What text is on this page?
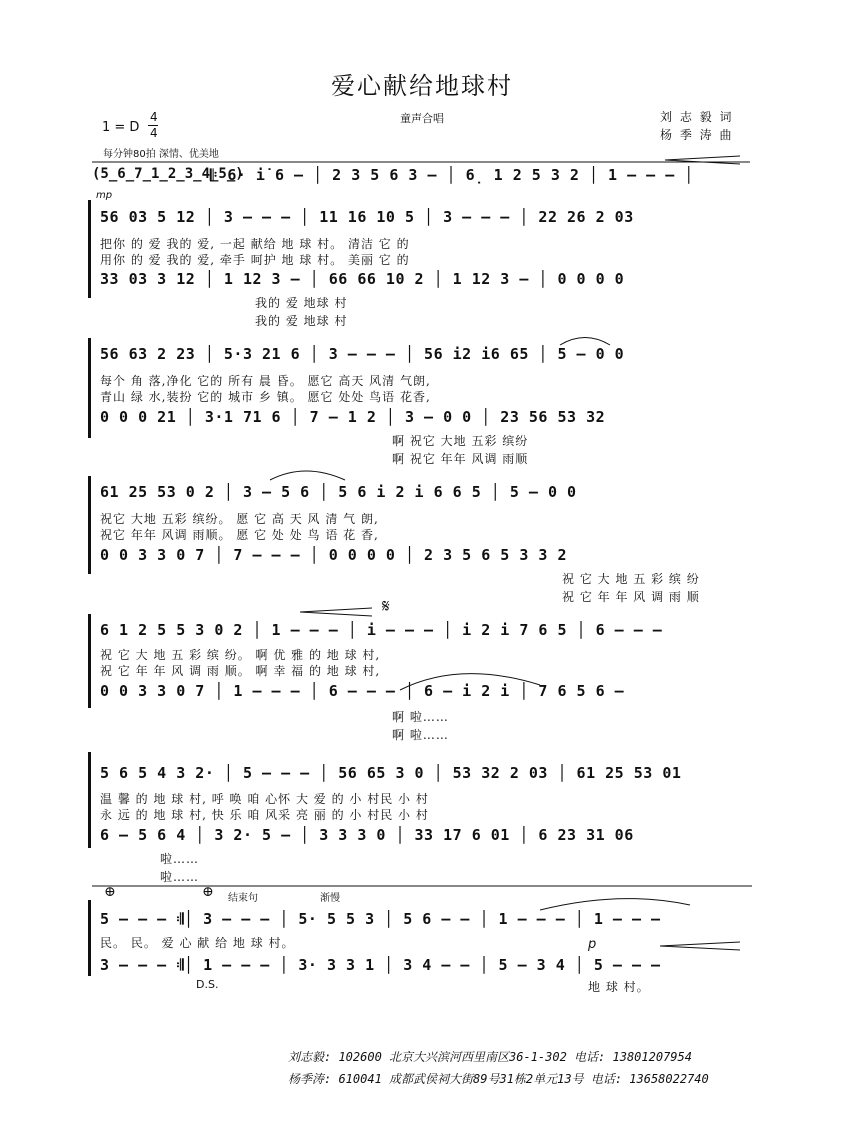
爱心献给地球村
童声合唱	刘 志 毅 词
杨 季 涛 曲
1 = D
4
4
每分钟80拍 深情、优美地
(5̲6̲7̲1̲2̲3̲4̲5̲)
𝄆 6· i̇ 6 – │ 2 3 5 6 3 – │ 6̣ 1 2 5 3 2 │ 1 – – – │
mp
56 03 5 12 │ 3 – – – │ 11 16 10 5 │ 3 – – – │ 22 26 2 03
把你 的 爱 我的 爱, 一起 献给 地 球 村。 清洁 它 的
用你 的 爱 我的 爱, 牵手 呵护 地 球 村。 美丽 它 的
33 03 3 12 │ 1 12 3 – │ 66 66 10 2 │ 1 12 3 – │ 0 0 0 0
我的 爱 地球 村
我的 爱 地球 村
56 63 2 23 │ 5·3 21 6 │ 3 – – – │ 56 i2 i6 65 │ 5 – 0 0
每个 角 落,净化 它的 所有 晨 昏。 愿它 高天 风清 气朗,
青山 绿 水,装扮 它的 城市 乡 镇。 愿它 处处 鸟语 花香,
0 0 0 21 │ 3·1 71 6 │ 7 – 1 2 │ 3 – 0 0 │ 23 56 53 32
啊 祝它 大地 五彩 缤纷
啊 祝它 年年 风调 雨顺
61 25 53 0 2 │ 3 – 5 6 │ 5 6 i 2 i 6 6 5 │ 5 – 0 0
祝它 大地 五彩 缤纷。 愿 它 高 天 风 清 气 朗,
祝它 年年 风调 雨顺。 愿 它 处 处 鸟 语 花 香,
0 0 3 3 0 7 │ 7 – – – │ 0 0 0 0 │ 2 3 5 6 5 3 3 2
祝 它 大 地 五 彩 缤 纷
祝 它 年 年 风 调 雨 顺
𝄋
6 1 2 5 5 3 0 2 │ 1 – – – │ i – – – │ i 2 i 7 6 5 │ 6 – – –
祝 它 大 地 五 彩 缤 纷。 啊 优 雅 的 地 球 村,
祝 它 年 年 风 调 雨 顺。 啊 幸 福 的 地 球 村,
0 0 3 3 0 7 │ 1 – – – │ 6 – – – │ 6 – i 2 i │ 7 6 5 6 –
啊 啦……
啊 啦……
5 6 5 4 3 2· │ 5 – – – │ 56 65 3 0 │ 53 32 2 03 │ 61 25 53 01
温 馨 的 地 球 村, 呼 唤 咱 心怀 大 爱 的 小 村民 小 村
永 远 的 地 球 村, 快 乐 咱 风采 亮 丽 的 小 村民 小 村
6 – 5 6 4 │ 3 2· 5 – │ 3 3 3 0 │ 33 17 6 01 │ 6 23 31 06
啦……
啦……
⊕	⊕ 结束句	渐慢
5 – – – 𝄇│ 3 – – – │ 5· 5 5 3 │ 5 6 – – │ 1 – – – │ 1 – – –
民。 民。 爱 心 献 给 地 球 村。	p
3 – – – 𝄇│ 1 – – – │ 3· 3 3 1 │ 3 4 – – │ 5 – 3 4 │ 5 – – –
D.S.	地 球 村。
刘志毅: 102600 北京大兴滨河西里南区36-1-302 电话: 13801207954
杨季涛: 610041 成都武侯祠大街89号31栋2单元13号 电话: 13658022740
